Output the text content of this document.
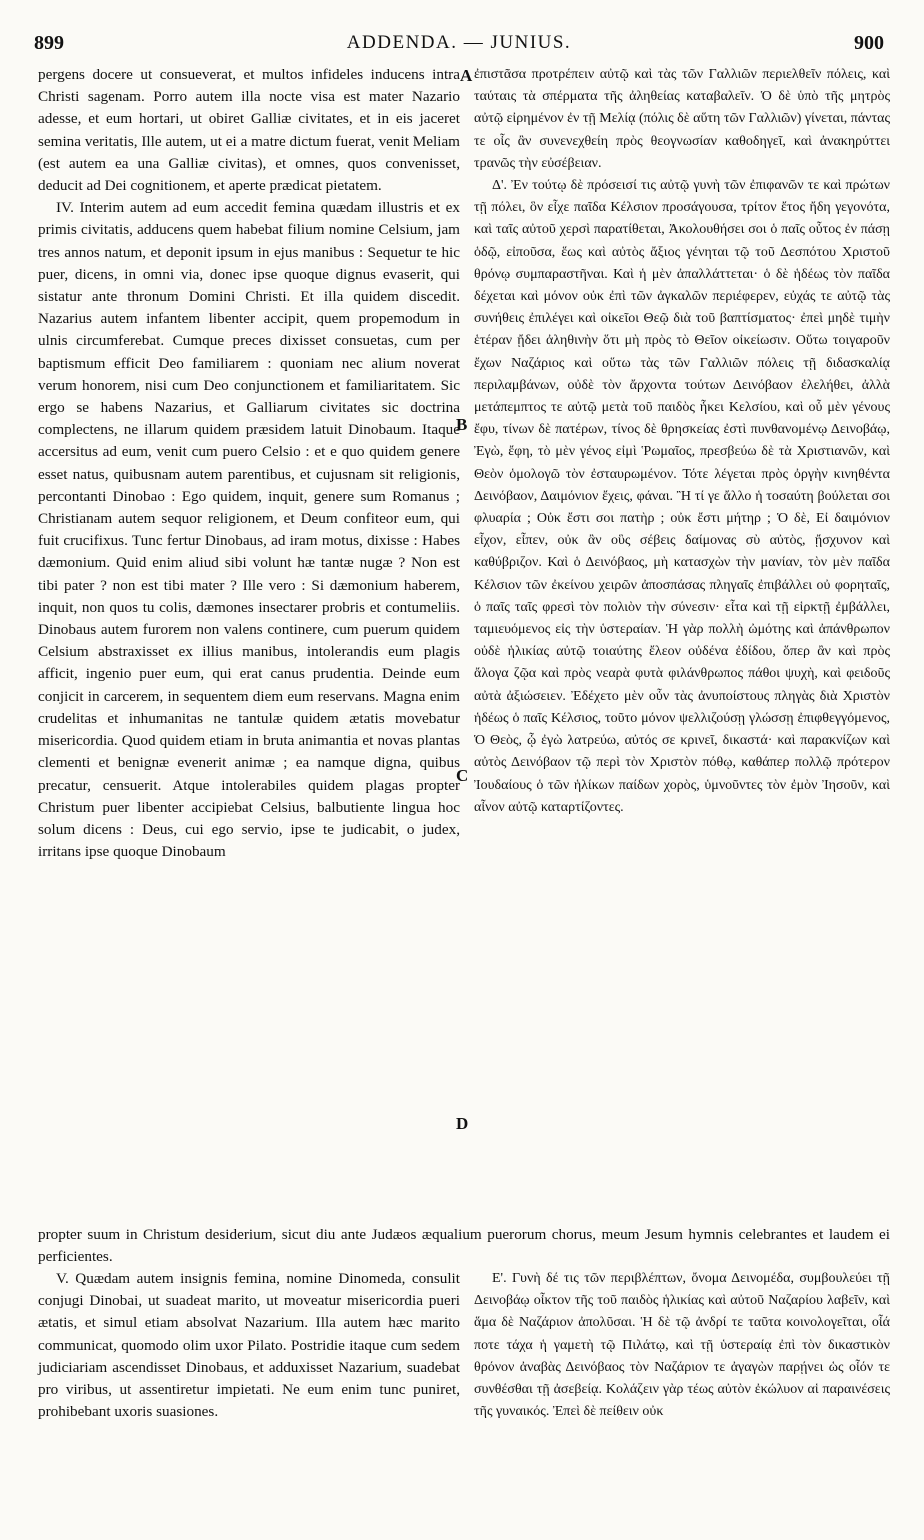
899	ADDENDA. — JUNIUS.	900

pergens docere ut consueverat, et multos infideles inducens intra Christi sagenam. Porro autem illa nocte visa est mater Nazario adesse, et eum hortari, ut obiret Galliæ civitates, et in eis jaceret semina veritatis, Ille autem, ut ei a matre dictum fuerat, venit Meliam (est autem ea una Galliæ civitas), et omnes, quos convenisset, deducit ad Dei cognitionem, et aperte prædicat pietatem.

IV. Interim autem ad eum accedit femina quædam illustris et ex primis civitatis, adducens quem habebat filium nomine Celsium, jam tres annos natum, et deponit ipsum in ejus manibus : Sequetur te hic puer, dicens, in omni via, donec ipse quoque dignus evaserit, qui sistatur ante thronum Domini Christi. Et illa quidem discedit. Nazarius autem infantem libenter accipit, quem propemodum in ulnis circumferebat. Cumque preces dixisset consuetas, cum per baptismum efficit Deo familiarem : quoniam nec alium noverat verum honorem, nisi cum Deo conjunctionem et familiaritatem. Sic ergo se habens Nazarius, et Galliarum civitates sic doctrina complectens, ne illarum quidem præsidem latuit Dinobaum. Itaque accersitus ad eum, venit cum puero Celsio : et e quo quidem genere esset natus, quibusnam autem parentibus, et cujusnam sit religionis, percontanti Dinobao : Ego quidem, inquit, genere sum Romanus ; Christianam autem sequor religionem, et Deum confiteor eum, qui fuit crucifixus. Tunc fertur Dinobaus, ad iram motus, dixisse : Habes dæmonium. Quid enim aliud sibi volunt hæ tantæ nugæ ? Non est tibi pater ? non est tibi mater ? Ille vero : Si dæmonium haberem, inquit, non quos tu colis, dæmones insectarer probris et contumeliis. Dinobaus autem furorem non valens continere, cum puerum quidem Celsium abstraxisset ex illius manibus, intolerandis eum plagis afficit, ingenio puer eum, qui erat canus prudentia. Deinde eum conjicit in carcerem, in sequentem diem eum reservans. Magna enim crudelitas et inhumanitas ne tantulæ quidem ætatis movebatur misericordia. Quod quidem etiam in bruta animantia et novas plantas clementi et benignæ evenerit animæ ; ea namque digna, quibus precatur, censuerit. Atque intolerabiles quidem plagas propter Christum puer libenter accipiebat Celsius, balbutiente lingua hoc solum dicens : Deus, cui ego servio, ipse te judicabit, o judex, irritans ipse quoque Dinobaum

ἐπιστᾶσα προτρέπειν αὐτῷ καὶ τὰς τῶν Γαλλιῶν περιελθεῖν πόλεις, καὶ ταύταις τὰ σπέρματα τῆς ἀληθείας καταβαλεῖν. Ὁ δὲ ὑπὸ τῆς μητρὸς αὐτῷ εἰρημένον ἐν τῇ Μελίᾳ (πόλις δὲ αὕτη τῶν Γαλλιῶν) γίνεται, πάντας τε οἷς ἂν συνενεχθείη πρὸς θεογνωσίαν καθοδηγεῖ, καὶ ἀνακηρύττει τρανῶς τὴν εὐσέβειαν.

Δ'. Ἐν τούτῳ δὲ πρόσεισί τις αὐτῷ γυνὴ τῶν ἐπιφανῶν τε καὶ πρώτων τῇ πόλει, ὃν εἶχε παῖδα Κέλσιον προσάγουσα, τρίτον ἔτος ἤδη γεγονότα, καὶ ταῖς αὐτοῦ χερσὶ παρατίθεται, Ἀκολουθήσει σοι ὁ παῖς οὗτος ἐν πάσῃ ὁδῷ, εἰποῦσα, ἕως καὶ αὐτὸς ἄξιος γένηται τῷ τοῦ Δεσπότου Χριστοῦ θρόνῳ συμπαραστῆναι. Καὶ ἡ μὲν ἀπαλλάττεται· ὁ δὲ ἡδέως τὸν παῖδα δέχεται καὶ μόνον οὐκ ἐπὶ τῶν ἀγκαλῶν περιέφερεν, εὐχάς τε αὐτῷ τὰς συνήθεις ἐπιλέγει καὶ οἰκεῖοι Θεῷ διὰ τοῦ βαπτίσματος· ἐπεὶ μηδὲ τιμὴν ἑτέραν ᾔδει ἀληθινὴν ὅτι μὴ πρὸς τὸ Θεῖον οἰκείωσιν. Οὕτω τοιγαροῦν ἔχων Ναζάριος καὶ οὕτω τὰς τῶν Γαλλιῶν πόλεις τῇ διδασκαλίᾳ περιλαμβάνων, οὐδὲ τὸν ἄρχοντα τούτων Δεινόβαον ἐλελήθει, ἀλλὰ μετάπεμπτος τε αὐτῷ μετὰ τοῦ παιδὸς ἧκει Κελσίου, καὶ οὗ μὲν γένους ἔφυ, τίνων δὲ πατέρων, τίνος δὲ θρησκείας ἐστὶ πυνθανομένῳ Δεινοβάῳ, Ἐγὼ, ἔφη, τὸ μὲν γένος εἰμὶ Ῥωμαῖος, πρεσβεύω δὲ τὰ Χριστιανῶν, καὶ Θεὸν ὁμολογῶ τὸν ἐσταυρωμένον. Τότε λέγεται πρὸς ὀργὴν κινηθέντα Δεινόβαον, Δαιμόνιον ἔχεις, φάναι. Ἢ τί γε ἄλλο ἡ τοσαύτη βούλεται σοι φλυαρία ; Οὐκ ἔστι σοι πατὴρ ; οὐκ ἔστι μήτηρ ; Ὁ δὲ, Εἰ δαιμόνιον εἶχον, εἶπεν, οὐκ ἂν οὓς σέβεις δαίμονας σὺ αὐτὸς, ᾔσχυνον καὶ καθύβριζον. Καὶ ὁ Δεινόβαος, μὴ κατασχὼν τὴν μανίαν, τὸν μὲν παῖδα Κέλσιον τῶν ἐκείνου χειρῶν ἀποσπάσας πληγαῖς ἐπιβάλλει οὐ φορηταῖς, ὁ παῖς ταῖς φρεσὶ τὸν πολιὸν τὴν σύνεσιν· εἶτα καὶ τῇ εἱρκτῇ ἐμβάλλει, ταμιευόμενος εἰς τὴν ὑστεραίαν. Ἡ γὰρ πολλὴ ὠμότης καὶ ἀπάνθρωπον οὐδὲ ἡλικίας αὐτῷ τοιαύτης ἔλεον οὐδένα ἐδίδου, ὅπερ ἂν καὶ πρὸς ἄλογα ζῷα καὶ πρὸς νεαρὰ φυτὰ φιλάνθρωπος πάθοι ψυχὴ, καὶ φειδοῦς αὐτὰ ἀξιώσειεν. Ἐδέχετο μὲν οὖν τὰς ἀνυποίστους πληγὰς διὰ Χριστὸν ἡδέως ὁ παῖς Κέλσιος, τοῦτο μόνον ψελλιζούσῃ γλώσσῃ ἐπιφθεγγόμενος, Ὁ Θεὸς, ᾧ ἐγὼ λατρεύω, αὐτός σε κρινεῖ, δικαστά· καὶ παρακνίζων καὶ αὐτὸς Δεινόβαον τῷ περὶ τὸν Χριστὸν πόθῳ, καθάπερ πολλῷ πρότερον Ἰουδαίους ὁ τῶν ἡλίκων παίδων χορὸς, ὑμνοῦντες τὸν ἐμὸν Ἰησοῦν, καὶ αἶνον αὐτῷ καταρτίζοντες.

A
B
C
D
propter suum in Christum desiderium, sicut diu ante Judæos æqualium puerorum chorus, meum Jesum hymnis celebrantes et laudem ei perficientes.

V. Quædam autem insignis femina, nomine Dinomeda, consulit conjugi Dinobai, ut suadeat marito, ut moveatur misericordia pueri ætatis, et simul etiam absolvat Nazarium. Illa autem hæc marito communicat, quomodo olim uxor Pilato. Postridie itaque cum sedem judiciariam ascendisset Dinobaus, et adduxisset Nazarium, suadebat pro viribus, ut assentiretur impietati. Ne eum enim tunc puniret, prohibebant uxoris suasiones.

Ε'. Γυνὴ δέ τις τῶν περιβλέπτων, ὄνομα Δεινομέδα, συμβουλεύει τῇ Δεινοβάῳ οἶκτον τῆς τοῦ παιδὸς ἡλικίας καὶ αὐτοῦ Ναζαρίου λαβεῖν, καὶ ἅμα δὲ Ναζάριον ἀπολῦσαι. Ἡ δὲ τῷ ἀνδρί τε ταῦτα κοινολογεῖται, οἷά ποτε τάχα ἡ γαμετὴ τῷ Πιλάτῳ, καὶ τῇ ὑστεραίᾳ ἐπὶ τὸν δικαστικὸν θρόνον ἀναβὰς Δεινόβαος τὸν Ναζάριον τε ἀγαγὼν παρῄνει ὡς οἷόν τε συνθέσθαι τῇ ἀσεβείᾳ. Κολάζειν γὰρ τέως αὐτὸν ἐκώλυον αἱ παραινέσεις τῆς γυναικός. Ἐπεὶ δὲ πείθειν οὐκ
